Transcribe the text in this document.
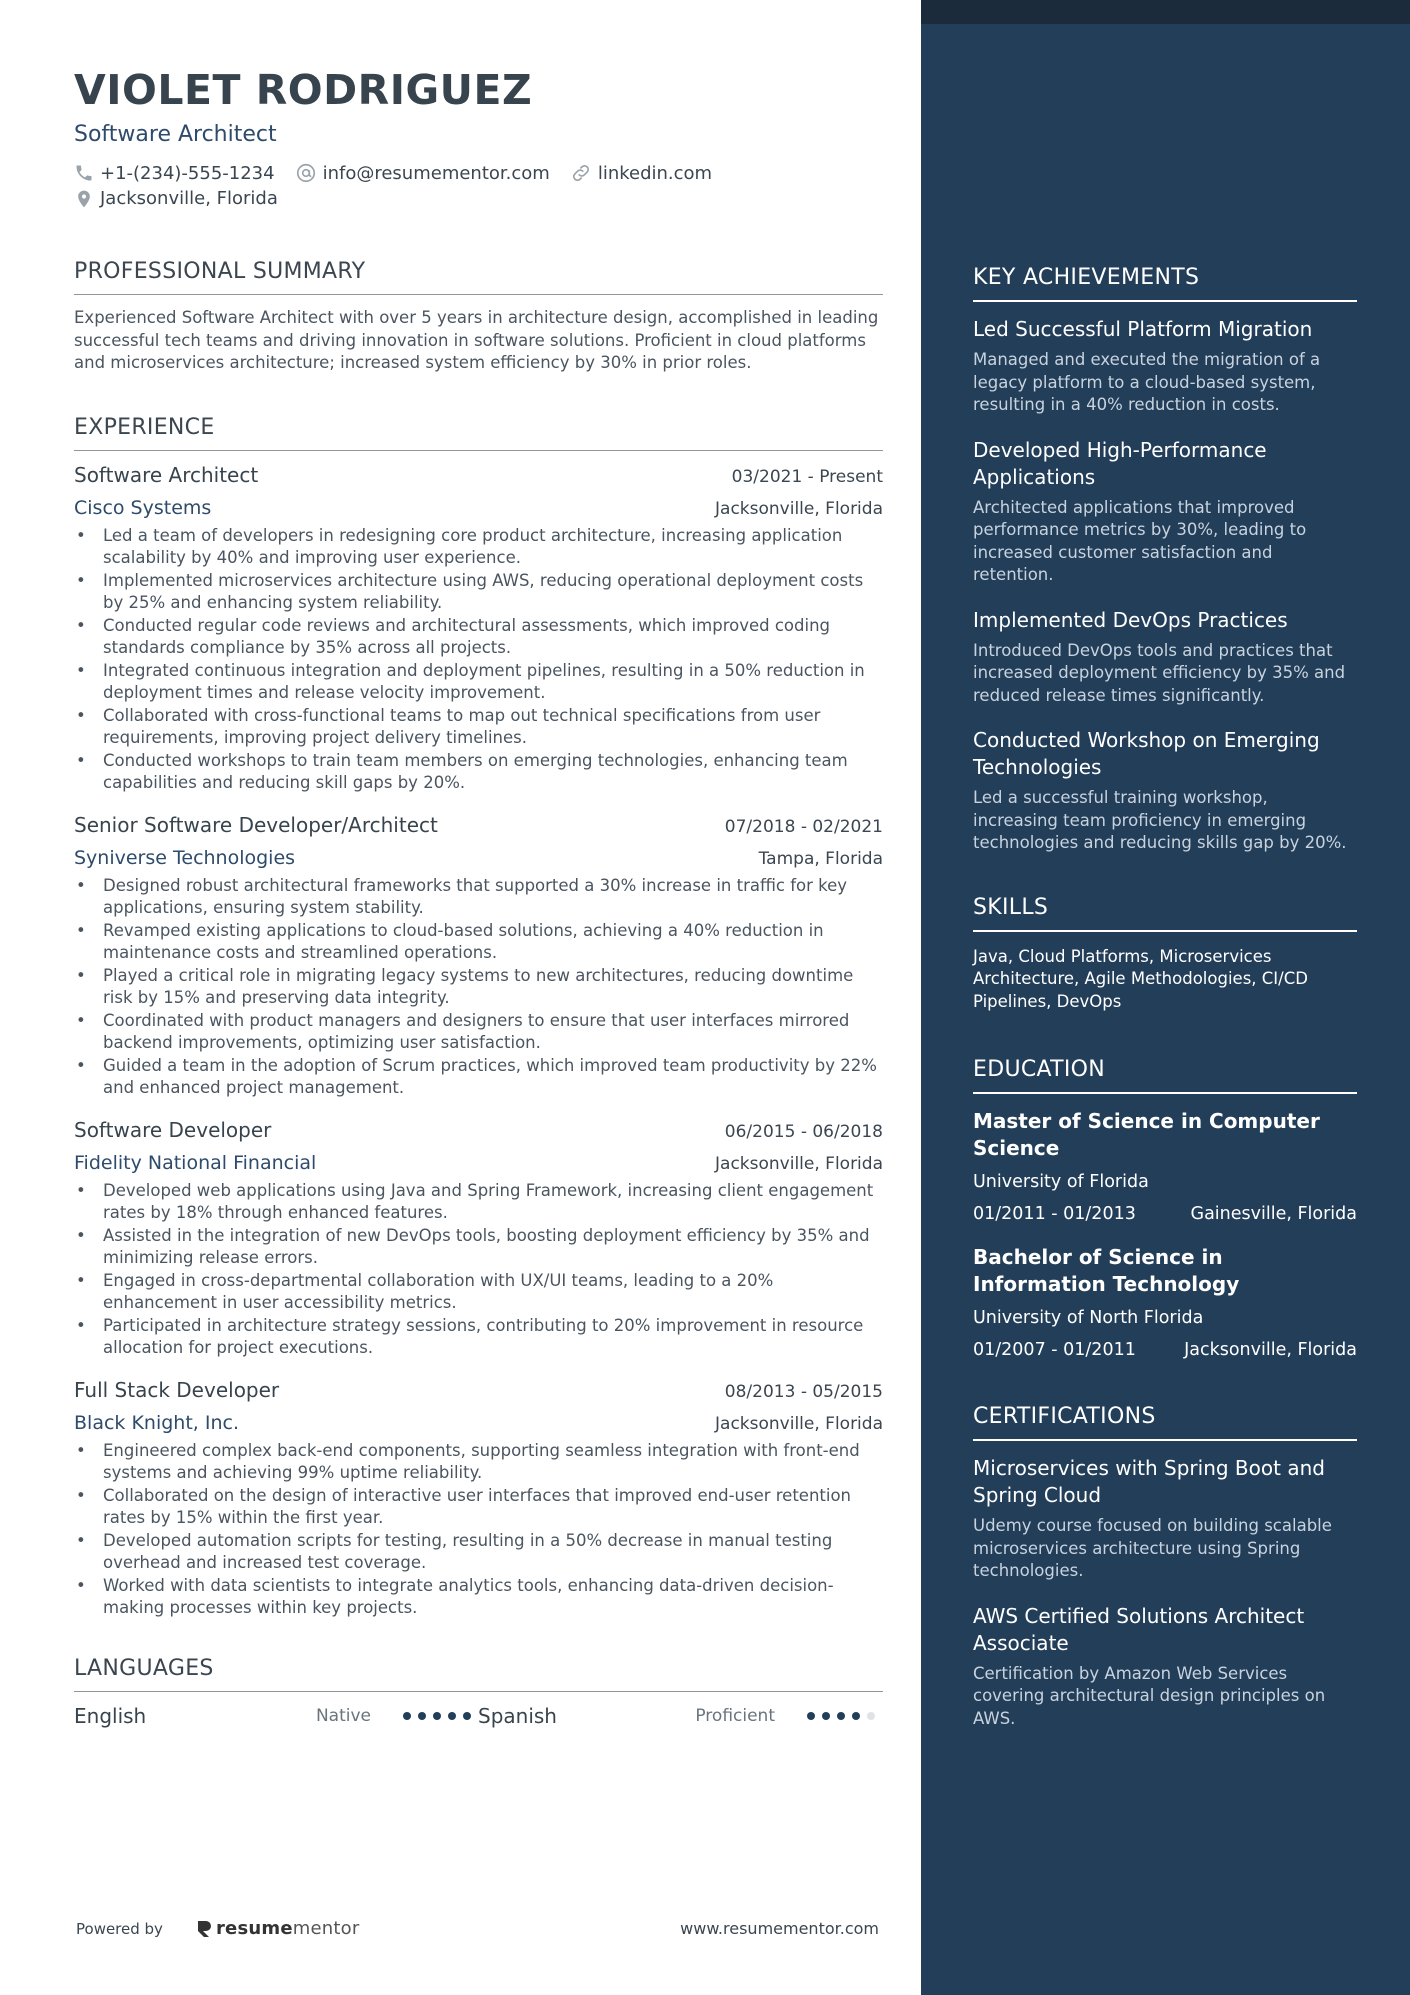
VIOLET RODRIGUEZ
Software Architect
+1-(234)-555-1234	info@resumementor.com	linkedin.com
Jacksonville, Florida
PROFESSIONAL SUMMARY

Experienced Software Architect with over 5 years in architecture design, accomplished in leading successful tech teams and driving innovation in software solutions. Proficient in cloud platforms and microservices architecture; increased system efficiency by 30% in prior roles.

EXPERIENCE
Software Architect	03/2021 - Present
Cisco Systems	Jacksonville, Florida
• Led a team of developers in redesigning core product architecture, increasing application scalability by 40% and improving user experience.
• Implemented microservices architecture using AWS, reducing operational deployment costs by 25% and enhancing system reliability.
• Conducted regular code reviews and architectural assessments, which improved coding standards compliance by 35% across all projects.
• Integrated continuous integration and deployment pipelines, resulting in a 50% reduction in deployment times and release velocity improvement.
• Collaborated with cross-functional teams to map out technical specifications from user requirements, improving project delivery timelines.
• Conducted workshops to train team members on emerging technologies, enhancing team capabilities and reducing skill gaps by 20%.
Senior Software Developer/Architect	07/2018 - 02/2021
Syniverse Technologies	Tampa, Florida
• Designed robust architectural frameworks that supported a 30% increase in traffic for key applications, ensuring system stability.
• Revamped existing applications to cloud-based solutions, achieving a 40% reduction in maintenance costs and streamlined operations.
• Played a critical role in migrating legacy systems to new architectures, reducing downtime risk by 15% and preserving data integrity.
• Coordinated with product managers and designers to ensure that user interfaces mirrored backend improvements, optimizing user satisfaction.
• Guided a team in the adoption of Scrum practices, which improved team productivity by 22% and enhanced project management.
Software Developer	06/2015 - 06/2018
Fidelity National Financial	Jacksonville, Florida
• Developed web applications using Java and Spring Framework, increasing client engagement rates by 18% through enhanced features.
• Assisted in the integration of new DevOps tools, boosting deployment efficiency by 35% and minimizing release errors.
• Engaged in cross-departmental collaboration with UX/UI teams, leading to a 20% enhancement in user accessibility metrics.
• Participated in architecture strategy sessions, contributing to 20% improvement in resource allocation for project executions.
Full Stack Developer	08/2013 - 05/2015
Black Knight, Inc.	Jacksonville, Florida
• Engineered complex back-end components, supporting seamless integration with front-end systems and achieving 99% uptime reliability.
• Collaborated on the design of interactive user interfaces that improved end-user retention rates by 15% within the first year.
• Developed automation scripts for testing, resulting in a 50% decrease in manual testing overhead and increased test coverage.
• Worked with data scientists to integrate analytics tools, enhancing data-driven decision-making processes within key projects.
LANGUAGES
English	Native	Spanish	Proficient
KEY ACHIEVEMENTS
Led Successful Platform Migration
Managed and executed the migration of a legacy platform to a cloud-based system, resulting in a 40% reduction in costs.
Developed High-Performance Applications
Architected applications that improved performance metrics by 30%, leading to increased customer satisfaction and retention.
Implemented DevOps Practices
Introduced DevOps tools and practices that increased deployment efficiency by 35% and reduced release times significantly.
Conducted Workshop on Emerging Technologies
Led a successful training workshop, increasing team proficiency in emerging technologies and reducing skills gap by 20%.
SKILLS

Java, Cloud Platforms, Microservices Architecture, Agile Methodologies, CI/CD Pipelines, DevOps

EDUCATION
Master of Science in Computer Science
University of Florida
01/2011 - 01/2013	Gainesville, Florida
Bachelor of Science in Information Technology
University of North Florida
01/2007 - 01/2011	Jacksonville, Florida
CERTIFICATIONS
Microservices with Spring Boot and Spring Cloud
Udemy course focused on building scalable microservices architecture using Spring technologies.
AWS Certified Solutions Architect Associate
Certification by Amazon Web Services covering architectural design principles on AWS.
Powered by	resume mentor	www.resumementor.com
